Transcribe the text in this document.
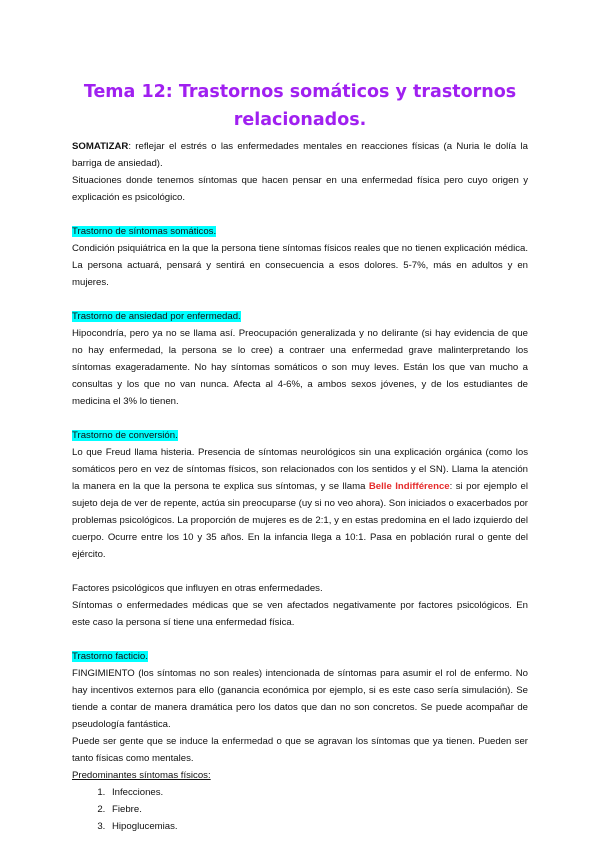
Tema 12: Trastornos somáticos y trastornos
relacionados.

SOMATIZAR: reflejar el estrés o las enfermedades mentales en reacciones físicas (a Nuria le dolía la barriga de ansiedad).

Situaciones donde tenemos síntomas que hacen pensar en una enfermedad física pero cuyo origen y explicación es psicológico.

Trastorno de síntomas somáticos.

Condición psiquiátrica en la que la persona tiene síntomas físicos reales que no tienen explicación médica. La persona actuará, pensará y sentirá en consecuencia a esos dolores. 5-7%, más en adultos y en mujeres.

Trastorno de ansiedad por enfermedad.

Hipocondría, pero ya no se llama así. Preocupación generalizada y no delirante (si hay evidencia de que no hay enfermedad, la persona se lo cree) a contraer una enfermedad grave malinterpretando los síntomas exageradamente. No hay síntomas somáticos o son muy leves. Están los que van mucho a consultas y los que no van nunca. Afecta al 4-6%, a ambos sexos jóvenes, y de los estudiantes de medicina el 3% lo tienen.

Trastorno de conversión.

Lo que Freud llama histeria. Presencia de síntomas neurológicos sin una explicación orgánica (como los somáticos pero en vez de síntomas físicos, son relacionados con los sentidos y el SN). Llama la atención la manera en la que la persona te explica sus síntomas, y se llama Belle Indifférence: si por ejemplo el sujeto deja de ver de repente, actúa sin preocuparse (uy si no veo ahora). Son iniciados o exacerbados por problemas psicológicos. La proporción de mujeres es de 2:1, y en estas predomina en el lado izquierdo del cuerpo. Ocurre entre los 10 y 35 años. En la infancia llega a 10:1. Pasa en población rural o gente del ejército.

Factores psicológicos que influyen en otras enfermedades.

Síntomas o enfermedades médicas que se ven afectados negativamente por factores psicológicos. En este caso la persona sí tiene una enfermedad física.

Trastorno facticio.

FINGIMIENTO (los síntomas no son reales) intencionada de síntomas para asumir el rol de enfermo. No hay incentivos externos para ello (ganancia económica por ejemplo, si es este caso sería simulación). Se tiende a contar de manera dramática pero los datos que dan no son concretos. Se puede acompañar de pseudología fantástica.

Puede ser gente que se induce la enfermedad o que se agravan los síntomas que ya tienen. Pueden ser tanto físicas como mentales.

Predominantes síntomas físicos:

1. Infecciones.
2. Fiebre.
3. Hipoglucemias.
